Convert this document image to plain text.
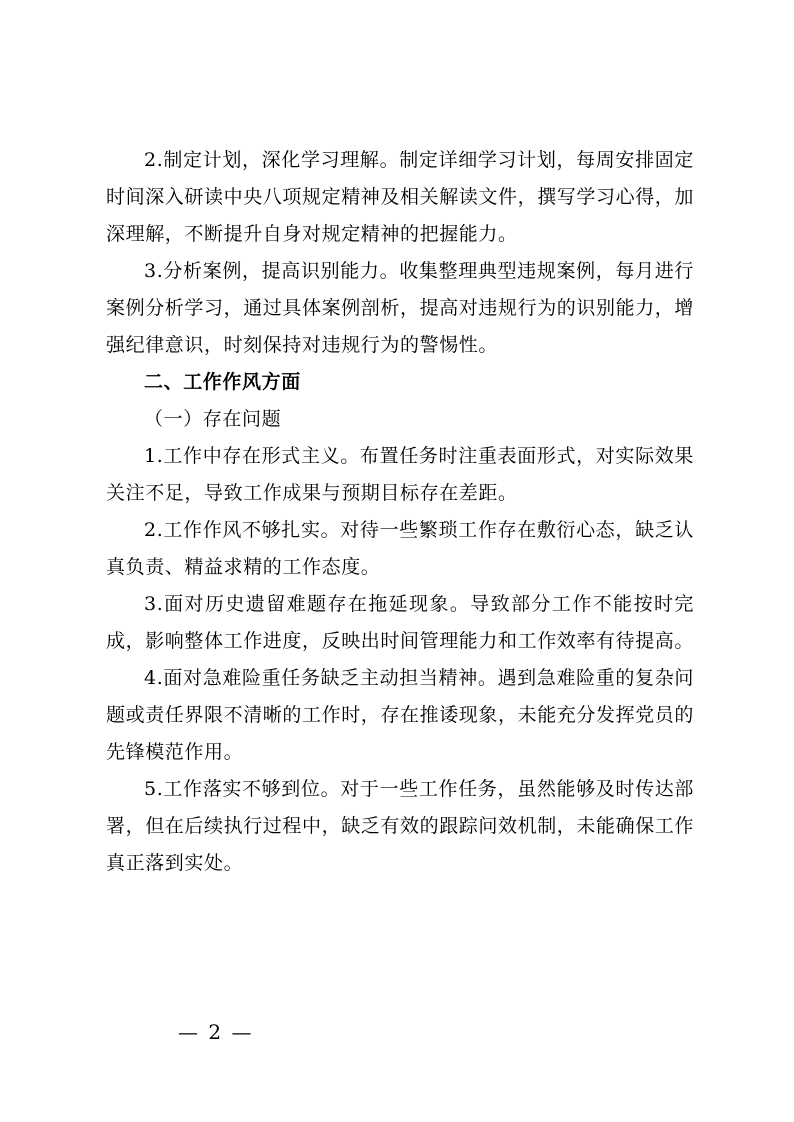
2.制定计划，深化学习理解。制定详细学习计划，每周安排固定时间深入研读中央八项规定精神及相关解读文件，撰写学习心得，加深理解，不断提升自身对规定精神的把握能力。

3.分析案例，提高识别能力。收集整理典型违规案例，每月进行案例分析学习，通过具体案例剖析，提高对违规行为的识别能力，增强纪律意识，时刻保持对违规行为的警惕性。

二、工作作风方面

（一）存在问题

1.工作中存在形式主义。布置任务时注重表面形式，对实际效果关注不足，导致工作成果与预期目标存在差距。

2.工作作风不够扎实。对待一些繁琐工作存在敷衍心态，缺乏认真负责、精益求精的工作态度。

3.面对历史遗留难题存在拖延现象。导致部分工作不能按时完成，影响整体工作进度，反映出时间管理能力和工作效率有待提高。

4.面对急难险重任务缺乏主动担当精神。遇到急难险重的复杂问题或责任界限不清晰的工作时，存在推诿现象，未能充分发挥党员的先锋模范作用。

5.工作落实不够到位。对于一些工作任务，虽然能够及时传达部署，但在后续执行过程中，缺乏有效的跟踪问效机制，未能确保工作真正落到实处。

— 2 —
